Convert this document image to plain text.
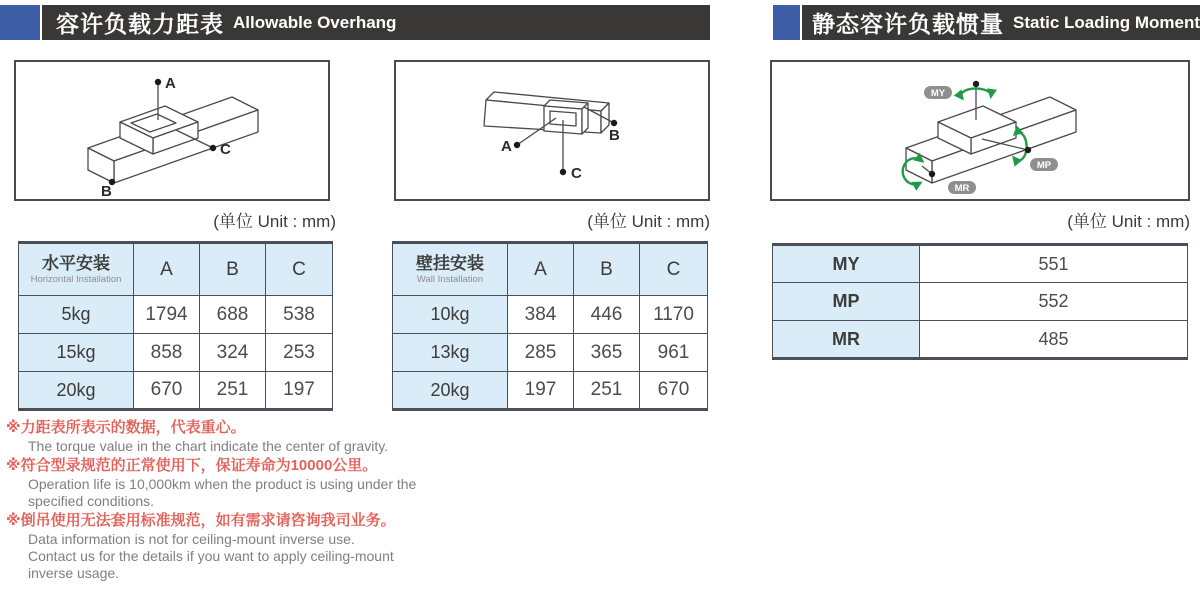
容许负载力距表 Allowable Overhang	静态容许负载惯量 Static Loading Moment
A
C
B
A
C
B
MY
MP
MR
(单位 Unit : mm)	(单位 Unit : mm)	(单位 Unit : mm)
水平安装
Horizontal Installation	A	B	C
5kg	1794	688	538
15kg	858	324	253
20kg	670	251	197
壁挂安装
Wall Installation	A	B	C
10kg	384	446	1170
13kg	285	365	961
20kg	197	251	670
MY	551
MP	552
MR	485
※力距表所表示的数据，代表重心。
The torque value in the chart indicate the center of gravity.
※符合型录规范的正常使用下，保证寿命为10000公里。
Operation life is 10,000km when the product is using under the
specified conditions.
※倒吊使用无法套用标准规范，如有需求请咨询我司业务。
Data information is not for ceiling-mount inverse use.
Contact us for the details if you want to apply ceiling-mount
inverse usage.
